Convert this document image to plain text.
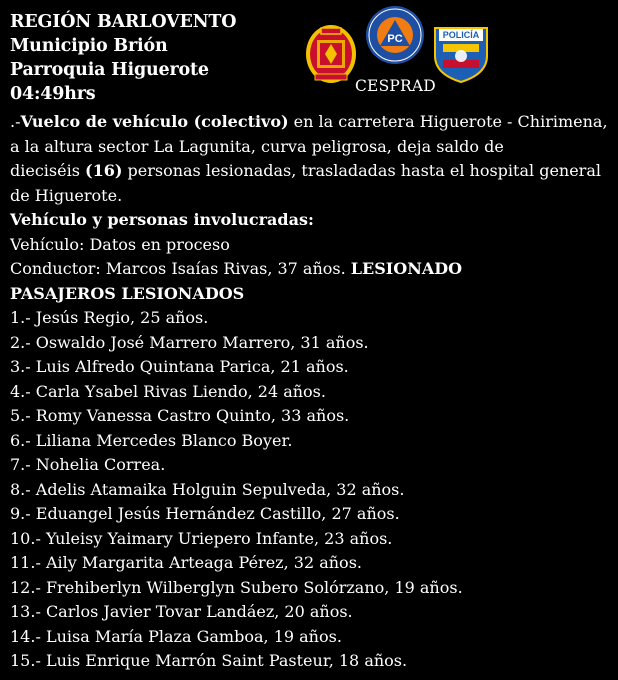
REGIÓN BARLOVENTO
Municipio Brión
Parroquia Higuerote
04:49hrs
PC	POLICÍA
CESPRAD
.-Vuelco de vehículo (colectivo) en la carretera Higuerote - Chirimena,
a la altura sector La Lagunita, curva peligrosa, deja saldo de
dieciséis (16) personas lesionadas, trasladadas hasta el hospital general
de Higuerote.
Vehículo y personas involucradas:
Vehículo: Datos en proceso
Conductor: Marcos Isaías Rivas, 37 años. LESIONADO
PASAJEROS LESIONADOS
1.- Jesús Regio, 25 años.
2.- Oswaldo José Marrero Marrero, 31 años.
3.- Luis Alfredo Quintana Parica, 21 años.
4.- Carla Ysabel Rivas Liendo, 24 años.
5.- Romy Vanessa Castro Quinto, 33 años.
6.- Liliana Mercedes Blanco Boyer.
7.- Nohelia Correa.
8.- Adelis Atamaika Holguin Sepulveda, 32 años.
9.- Eduangel Jesús Hernández Castillo, 27 años.
10.- Yuleisy Yaimary Uriepero Infante, 23 años.
11.- Aily Margarita Arteaga Pérez, 32 años.
12.- Frehiberlyn Wilberglyn Subero Solórzano, 19 años.
13.- Carlos Javier Tovar Landáez, 20 años.
14.- Luisa María Plaza Gamboa, 19 años.
15.- Luis Enrique Marrón Saint Pasteur, 18 años.
